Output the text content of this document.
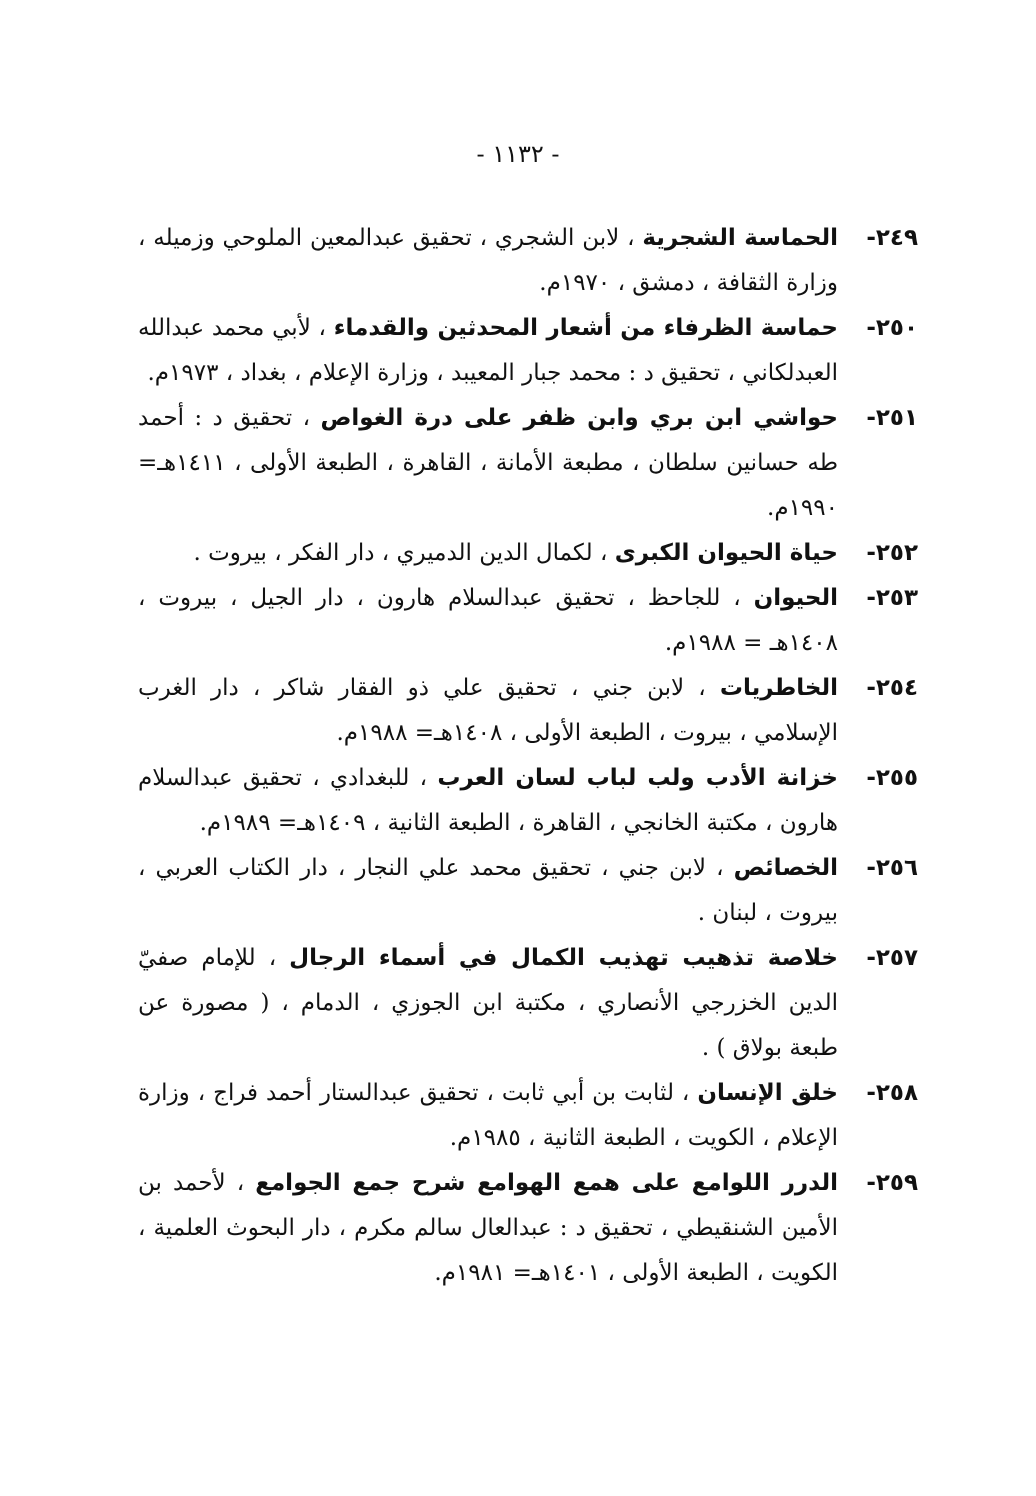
- ١١٣٢ -
٢٤٩-
الحماسة الشجرية ، لابن الشجري ، تحقيق عبدالمعين الملوحي وزميله ، وزارة الثقافة ، دمشق ، ١٩٧٠م.
٢٥٠-
حماسة الظرفاء من أشعار المحدثين والقدماء ، لأبي محمد عبدالله العبدلكاني ، تحقيق د : محمد جبار المعيبد ، وزارة الإعلام ، بغداد ، ١٩٧٣م.
٢٥١-
حواشي ابن بري وابن ظفر على درة الغواص ، تحقيق د : أحمد طه حسانين سلطان ، مطبعة الأمانة ، القاهرة ، الطبعة الأولى ، ١٤١١هـ= ١٩٩٠م.
٢٥٢-
حياة الحيوان الكبرى ، لكمال الدين الدميري ، دار الفكر ، بيروت .
٢٥٣-
الحيوان ، للجاحظ ، تحقيق عبدالسلام هارون ، دار الجيل ، بيروت ، ١٤٠٨هـ = ١٩٨٨م.
٢٥٤-
الخاطريات ، لابن جني ، تحقيق علي ذو الفقار شاكر ، دار الغرب الإسلامي ، بيروت ، الطبعة الأولى ، ١٤٠٨هـ= ١٩٨٨م.
٢٥٥-
خزانة الأدب ولب لباب لسان العرب ، للبغدادي ، تحقيق عبدالسلام هارون ، مكتبة الخانجي ، القاهرة ، الطبعة الثانية ، ١٤٠٩هـ= ١٩٨٩م.
٢٥٦-
الخصائص ، لابن جني ، تحقيق محمد علي النجار ، دار الكتاب العربي ، بيروت ، لبنان .
٢٥٧-
خلاصة تذهيب تهذيب الكمال في أسماء الرجال ، للإمام صفيّ الدين الخزرجي الأنصاري ، مكتبة ابن الجوزي ، الدمام ، ( مصورة عن طبعة بولاق ) .
٢٥٨-
خلق الإنسان ، لثابت بن أبي ثابت ، تحقيق عبدالستار أحمد فراج ، وزارة الإعلام ، الكويت ، الطبعة الثانية ، ١٩٨٥م.
٢٥٩-
الدرر اللوامع على همع الهوامع شرح جمع الجوامع ، لأحمد بن الأمين الشنقيطي ، تحقيق د : عبدالعال سالم مكرم ، دار البحوث العلمية ، الكويت ، الطبعة الأولى ، ١٤٠١هـ= ١٩٨١م.
